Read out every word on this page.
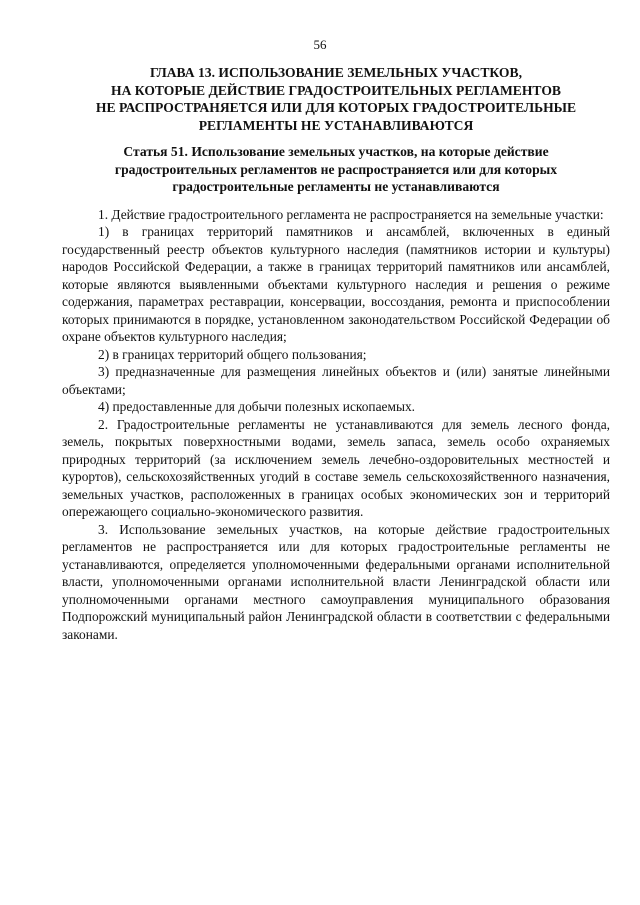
56
ГЛАВА 13. ИСПОЛЬЗОВАНИЕ ЗЕМЕЛЬНЫХ УЧАСТКОВ,
НА КОТОРЫЕ ДЕЙСТВИЕ ГРАДОСТРОИТЕЛЬНЫХ РЕГЛАМЕНТОВ
НЕ РАСПРОСТРАНЯЕТСЯ ИЛИ ДЛЯ КОТОРЫХ ГРАДОСТРОИТЕЛЬНЫЕ
РЕГЛАМЕНТЫ НЕ УСТАНАВЛИВАЮТСЯ
Статья 51. Использование земельных участков, на которые действие
градостроительных регламентов не распространяется или для которых
градостроительные регламенты не устанавливаются

1. Действие градостроительного регламента не распространяется на земельные участки:

1) в границах территорий памятников и ансамблей, включенных в единый государственный реестр объектов культурного наследия (памятников истории и культуры) народов Российской Федерации, а также в границах территорий памятников или ансамблей, которые являются выявленными объектами культурного наследия и решения о режиме содержания, параметрах реставрации, консервации, воссоздания, ремонта и приспособлении которых принимаются в порядке, установленном законодательством Российской Федерации об охране объектов культурного наследия;

2) в границах территорий общего пользования;

3) предназначенные для размещения линейных объектов и (или) занятые линейными объектами;

4) предоставленные для добычи полезных ископаемых.

2. Градостроительные регламенты не устанавливаются для земель лесного фонда, земель, покрытых поверхностными водами, земель запаса, земель особо охраняемых природных территорий (за исключением земель лечебно-оздоровительных местностей и курортов), сельскохозяйственных угодий в составе земель сельскохозяйственного назначения, земельных участков, расположенных в границах особых экономических зон и территорий опережающего социально-экономического развития.

3. Использование земельных участков, на которые действие градостроительных регламентов не распространяется или для которых градостроительные регламенты не устанавливаются, определяется уполномоченными федеральными органами исполнительной власти, уполномоченными органами исполнительной власти Ленинградской области или уполномоченными органами местного самоуправления муниципального образования Подпорожский муниципальный район Ленинградской области в соответствии с федеральными законами.
